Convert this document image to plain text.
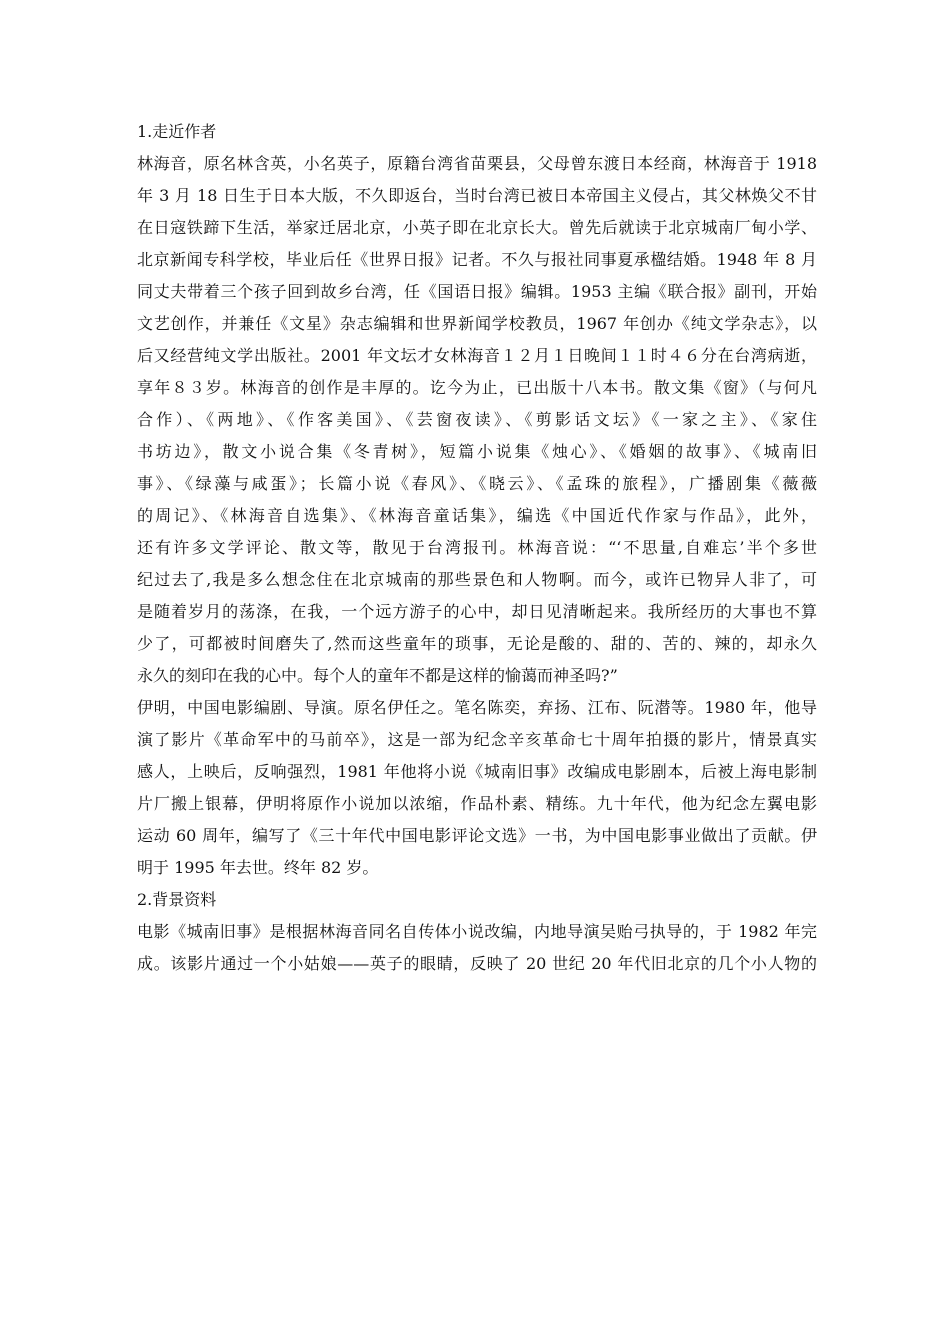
1.走近作者
林海音，原名林含英，小名英子，原籍台湾省苗栗县，父母曾东渡日本经商，林海音于 1918
年 3 月 18 日生于日本大版，不久即返台，当时台湾已被日本帝国主义侵占，其父林焕父不甘
在日寇铁蹄下生活，举家迁居北京，小英子即在北京长大。曾先后就读于北京城南厂甸小学、
北京新闻专科学校，毕业后任《世界日报》记者。不久与报社同事夏承楹结婚。1948 年 8 月
同丈夫带着三个孩子回到故乡台湾，任《国语日报》编辑。1953 主编《联合报》副刊，开始
文艺创作，并兼任《文星》杂志编辑和世界新闻学校教员，1967 年创办《纯文学杂志》，以
后又经营纯文学出版社。2001 年文坛才女林海音１２月１日晚间１１时４６分在台湾病逝，
享年８３岁。林海音的创作是丰厚的。讫今为止，已出版十八本书。散文集《窗》（与何凡
合作）、《两地》、《作客美国》、《芸窗夜读》、《剪影话文坛》《一家之主》、《家住
书坊边》，散文小说合集《冬青树》，短篇小说集《烛心》、《婚姻的故事》、《城南旧
事》、《绿藻与咸蛋》；长篇小说《春风》、《晓云》、《孟珠的旅程》，广播剧集《薇薇
的周记》、《林海音自选集》、《林海音童话集》，编选《中国近代作家与作品》，此外，
还有许多文学评论、散文等，散见于台湾报刊。林海音说：“‘不思量,自难忘’半个多世
纪过去了,我是多么想念住在北京城南的那些景色和人物啊。而今，或许已物异人非了，可
是随着岁月的荡涤，在我，一个远方游子的心中，却日见清晰起来。我所经历的大事也不算
少了，可都被时间磨失了,然而这些童年的琐事，无论是酸的、甜的、苦的、辣的，却永久
永久的刻印在我的心中。每个人的童年不都是这样的愉蔼而神圣吗?”
伊明，中国电影编剧、导演。原名伊任之。笔名陈奕，弃扬、江布、阮潜等。1980 年，他导
演了影片《革命军中的马前卒》，这是一部为纪念辛亥革命七十周年拍摄的影片，情景真实
感人，上映后，反响强烈，1981 年他将小说《城南旧事》改编成电影剧本，后被上海电影制
片厂搬上银幕，伊明将原作小说加以浓缩，作品朴素、精练。九十年代，他为纪念左翼电影
运动 60 周年，编写了《三十年代中国电影评论文选》一书，为中国电影事业做出了贡献。伊
明于 1995 年去世。终年 82 岁。
2.背景资料
电影《城南旧事》是根据林海音同名自传体小说改编，内地导演吴贻弓执导的，于 1982 年完
成。该影片通过一个小姑娘——英子的眼睛，反映了 20 世纪 20 年代旧北京的几个小人物的
